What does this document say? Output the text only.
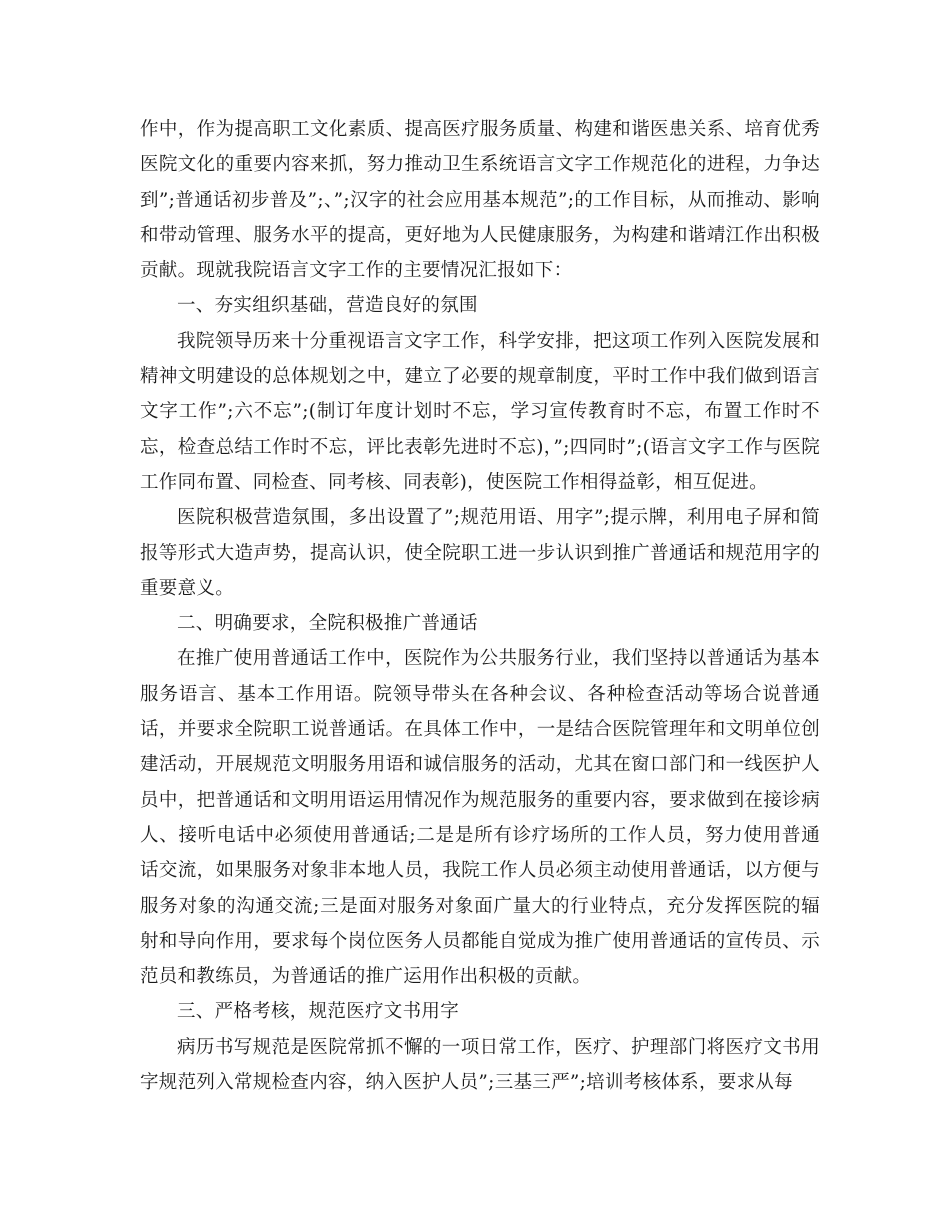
作中，作为提高职工文化素质、提高医疗服务质量、构建和谐医患关系、培育优秀医院文化的重要内容来抓，努力推动卫生系统语言文字工作规范化的进程，力争达到”;普通话初步普及”;、”;汉字的社会应用基本规范”;的工作目标，从而推动、影响和带动管理、服务水平的提高，更好地为人民健康服务，为构建和谐靖江作出积极贡献。现就我院语言文字工作的主要情况汇报如下：

一、夯实组织基础，营造良好的氛围

我院领导历来十分重视语言文字工作，科学安排，把这项工作列入医院发展和精神文明建设的总体规划之中，建立了必要的规章制度，平时工作中我们做到语言文字工作”;六不忘”;(制订年度计划时不忘，学习宣传教育时不忘，布置工作时不忘，检查总结工作时不忘，评比表彰先进时不忘)，”;四同时”;(语言文字工作与医院工作同布置、同检查、同考核、同表彰)，使医院工作相得益彰，相互促进。

医院积极营造氛围，多出设置了”;规范用语、用字”;提示牌，利用电子屏和简报等形式大造声势，提高认识，使全院职工进一步认识到推广普通话和规范用字的重要意义。

二、明确要求，全院积极推广普通话

在推广使用普通话工作中，医院作为公共服务行业，我们坚持以普通话为基本服务语言、基本工作用语。院领导带头在各种会议、各种检查活动等场合说普通话，并要求全院职工说普通话。在具体工作中，一是结合医院管理年和文明单位创建活动，开展规范文明服务用语和诚信服务的活动，尤其在窗口部门和一线医护人员中，把普通话和文明用语运用情况作为规范服务的重要内容，要求做到在接诊病人、接听电话中必须使用普通话;二是是所有诊疗场所的工作人员，努力使用普通话交流，如果服务对象非本地人员，我院工作人员必须主动使用普通话，以方便与服务对象的沟通交流;三是面对服务对象面广量大的行业特点，充分发挥医院的辐射和导向作用，要求每个岗位医务人员都能自觉成为推广使用普通话的宣传员、示范员和教练员，为普通话的推广运用作出积极的贡献。

三、严格考核，规范医疗文书用字

病历书写规范是医院常抓不懈的一项日常工作，医疗、护理部门将医疗文书用字规范列入常规检查内容，纳入医护人员”;三基三严”;培训考核体系，要求从每
